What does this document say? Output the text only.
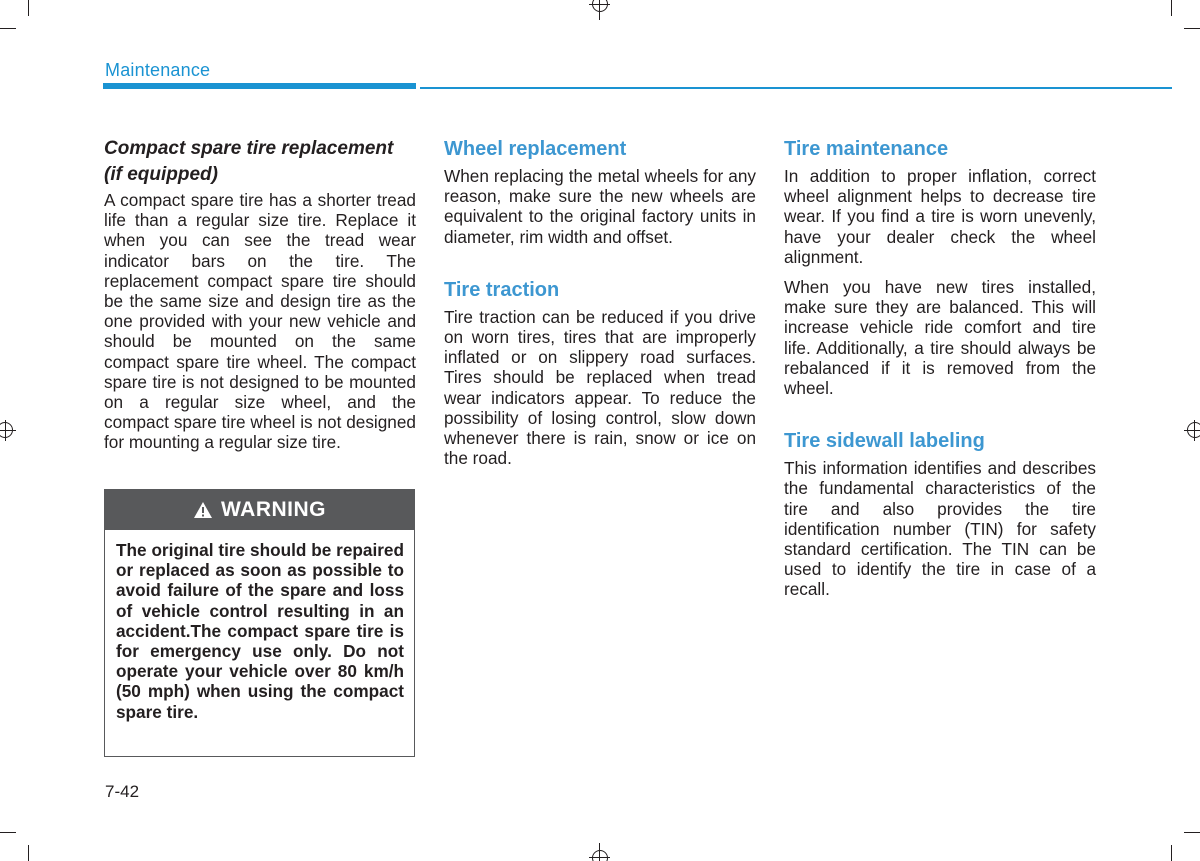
Maintenance
Compact spare tire replacement
(if equipped)

A compact spare tire has a shorter tread life than a regular size tire. Replace it when you can see the tread wear indicator bars on the tire. The replacement compact spare tire should be the same size and design tire as the one provided with your new vehicle and should be mounted on the same compact spare tire wheel. The compact spare tire is not designed to be mounted on a regular size wheel, and the compact spare tire wheel is not designed for mounting a regular size tire.

WARNING
The original tire should be repaired or replaced as soon as possible to avoid failure of the spare and loss of vehicle control resulting in an accident.The compact spare tire is for emergency use only. Do not operate your vehicle over 80 km/h (50 mph) when using the compact spare tire.
Wheel replacement

When replacing the metal wheels for any reason, make sure the new wheels are equivalent to the original factory units in diameter, rim width and offset.

Tire traction

Tire traction can be reduced if you drive on worn tires, tires that are improperly inflated or on slippery road surfaces. Tires should be replaced when tread wear indicators appear. To reduce the possibility of losing control, slow down whenever there is rain, snow or ice on the road.

Tire maintenance

In addition to proper inflation, correct wheel alignment helps to decrease tire wear. If you find a tire is worn unevenly, have your dealer check the wheel alignment.

When you have new tires installed, make sure they are balanced. This will increase vehicle ride comfort and tire life. Additionally, a tire should always be rebalanced if it is removed from the wheel.

Tire sidewall labeling

This information identifies and describes the fundamental characteristics of the tire and also provides the tire identification number (TIN) for safety standard certification. The TIN can be used to identify the tire in case of a recall.

7-42
